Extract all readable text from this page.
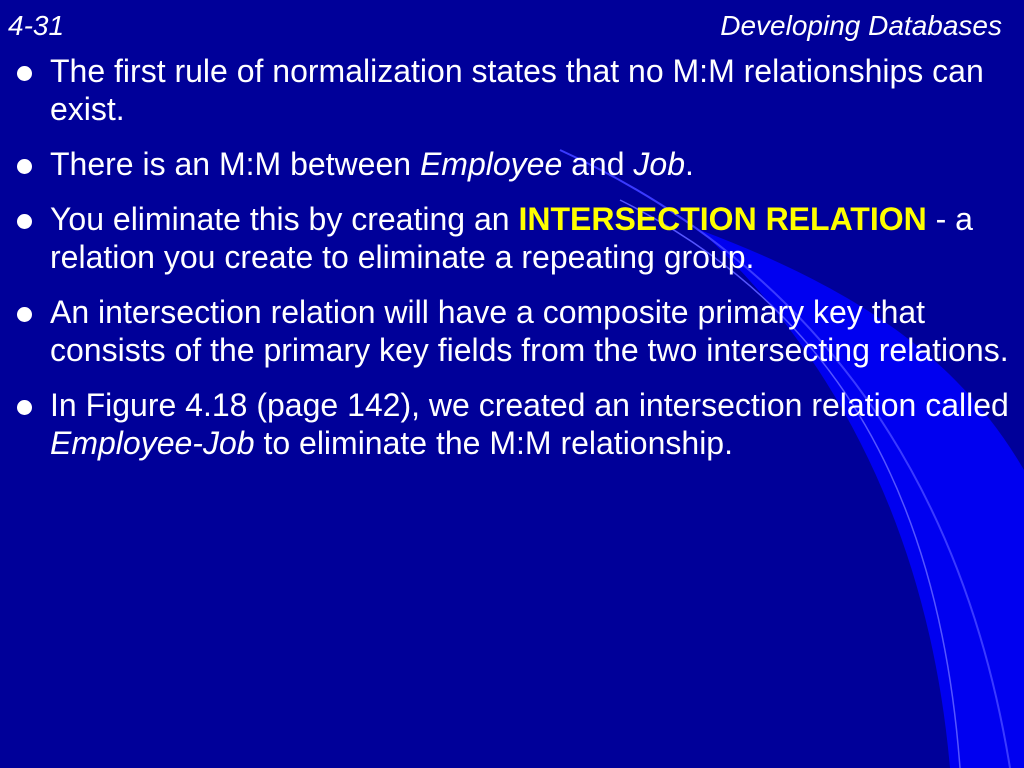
4-31	Developing Databases
The first rule of normalization states that no M:M relationships can exist.
There is an M:M between Employee and Job.
You eliminate this by creating an INTERSECTION RELATION - a relation you create to eliminate a repeating group.
An intersection relation will have a composite primary key that consists of the primary key fields from the two intersecting relations.
In Figure 4.18 (page 142), we created an intersection relation called Employee-Job to eliminate the M:M relationship.
